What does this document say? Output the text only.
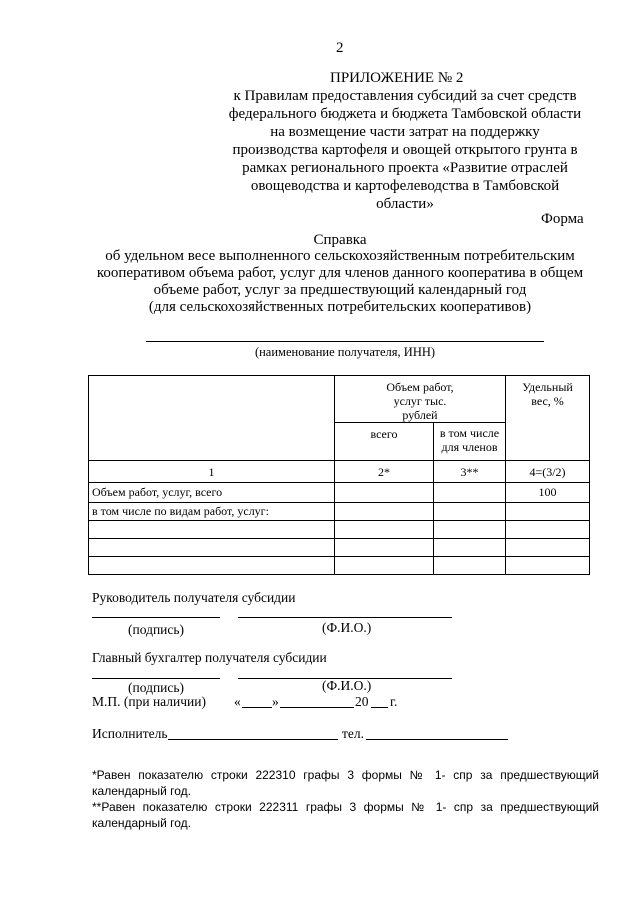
2
ПРИЛОЖЕНИЕ № 2
к Правилам предоставления субсидий за счет средств
федерального бюджета и бюджета Тамбовской области
на возмещение части затрат на поддержку
производства картофеля и овощей открытого грунта в
рамках регионального проекта «Развитие отраслей
овощеводства и картофелеводства в Тамбовской
области»
Форма
Справка
об удельном весе выполненного сельскохозяйственным потребительским
кооперативом объема работ, услуг для членов данного кооператива в общем
объеме работ, услуг за предшествующий календарный год
(для сельскохозяйственных потребительских кооперативов)
(наименование получателя, ИНН)
	Объем работ, услуг тыс. рублей		Удельный вес, %
	всего	в том числе для членов	
1	2*	3**	4=(3/2)
Объем работ, услуг, всего			100
в том числе по видам работ, услуг:			

Руководитель получателя субсидии
(подпись)	(Ф.И.О.)
Главный бухгалтер получателя субсидии
(подпись)	(Ф.И.О.)
М.П. (при наличии) « »	20 г.
Исполнитель	тел.
*Равен показателю строки 222310 графы 3 формы № 1- спр за предшествующий
календарный год.
**Равен показателю строки 222311 графы 3 формы № 1- спр за предшествующий
календарный год.
